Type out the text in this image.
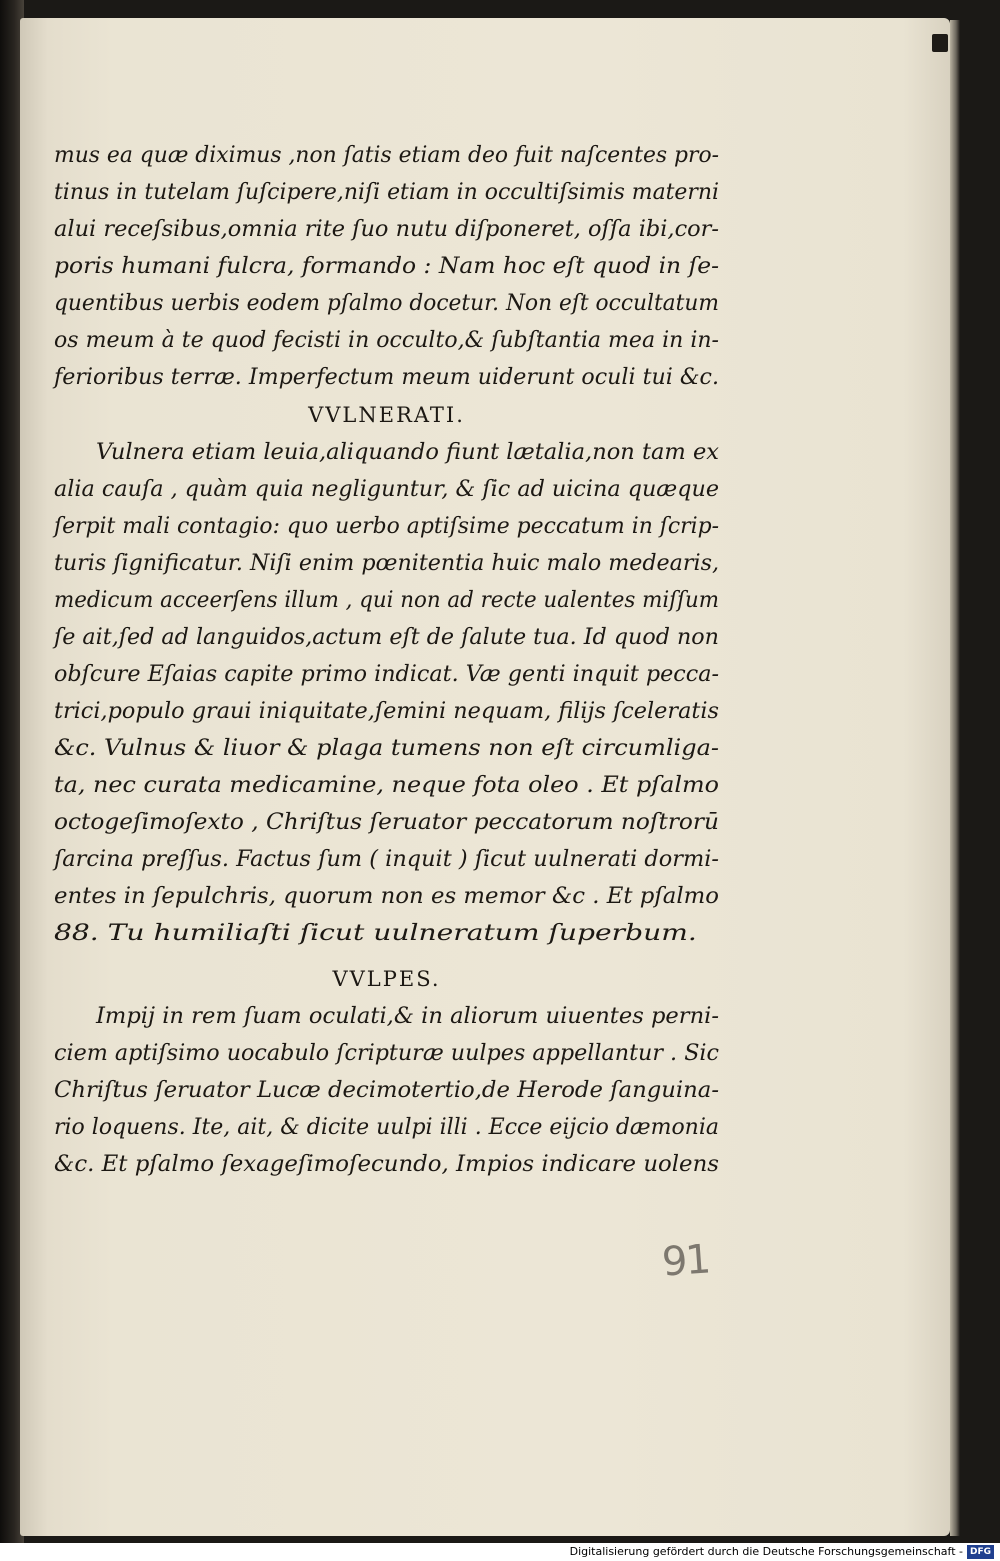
mus ea quæ diximus ,non ſatis etiam deo fuit naſcentes pro-
tinus in tutelam ſuſcipere,niſi etiam in occultiſsimis materni
alui receſsibus,omnia rite ſuo nutu diſponeret, oſſa ibi,cor-
poris humani fulcra, formando : Nam hoc eſt quod in ſe-
quentibus uerbis eodem pſalmo docetur. Non eſt occultatum
os meum à te quod fecisti in occulto,& ſubſtantia mea in in-
ferioribus terræ. Imperfectum meum uiderunt oculi tui &c.
VVLNERATI.
Vulnera etiam leuia,aliquando fiunt lætalia,non tam ex
alia cauſa , quàm quia negliguntur, & ſic ad uicina quæque
ſerpit mali contagio: quo uerbo aptiſsime peccatum in ſcrip-
turis ſignificatur. Niſi enim pœnitentia huic malo medearis,
medicum acceerſens illum , qui non ad recte ualentes miſſum
ſe ait,ſed ad languidos,actum eſt de ſalute tua. Id quod non
obſcure Eſaias capite primo indicat. Væ genti inquit pecca-
trici,populo graui iniquitate,ſemini nequam, filijs ſceleratis
&c. Vulnus & liuor & plaga tumens non eſt circumliga-
ta, nec curata medicamine, neque fota oleo . Et pſalmo
octogeſimoſexto , Chriſtus ſeruator peccatorum noſtrorū
ſarcina preſſus. Factus ſum ( inquit ) ſicut uulnerati dormi-
entes in ſepulchris, quorum non es memor &c . Et pſalmo
88. Tu humiliaſti ſicut uulneratum ſuperbum.
VVLPES.
Impij in rem ſuam oculati,& in aliorum uiuentes perni-
ciem aptiſsimo uocabulo ſcripturæ uulpes appellantur . Sic
Chriſtus ſeruator Lucæ decimotertio,de Herode ſanguina-
rio loquens. Ite, ait, & dicite uulpi illi . Ecce eijcio dæmonia
&c. Et pſalmo ſexageſimoſecundo, Impios indicare uolens
91
Digitalisierung gefördert durch die Deutsche Forschungsgemeinschaft - DFG
